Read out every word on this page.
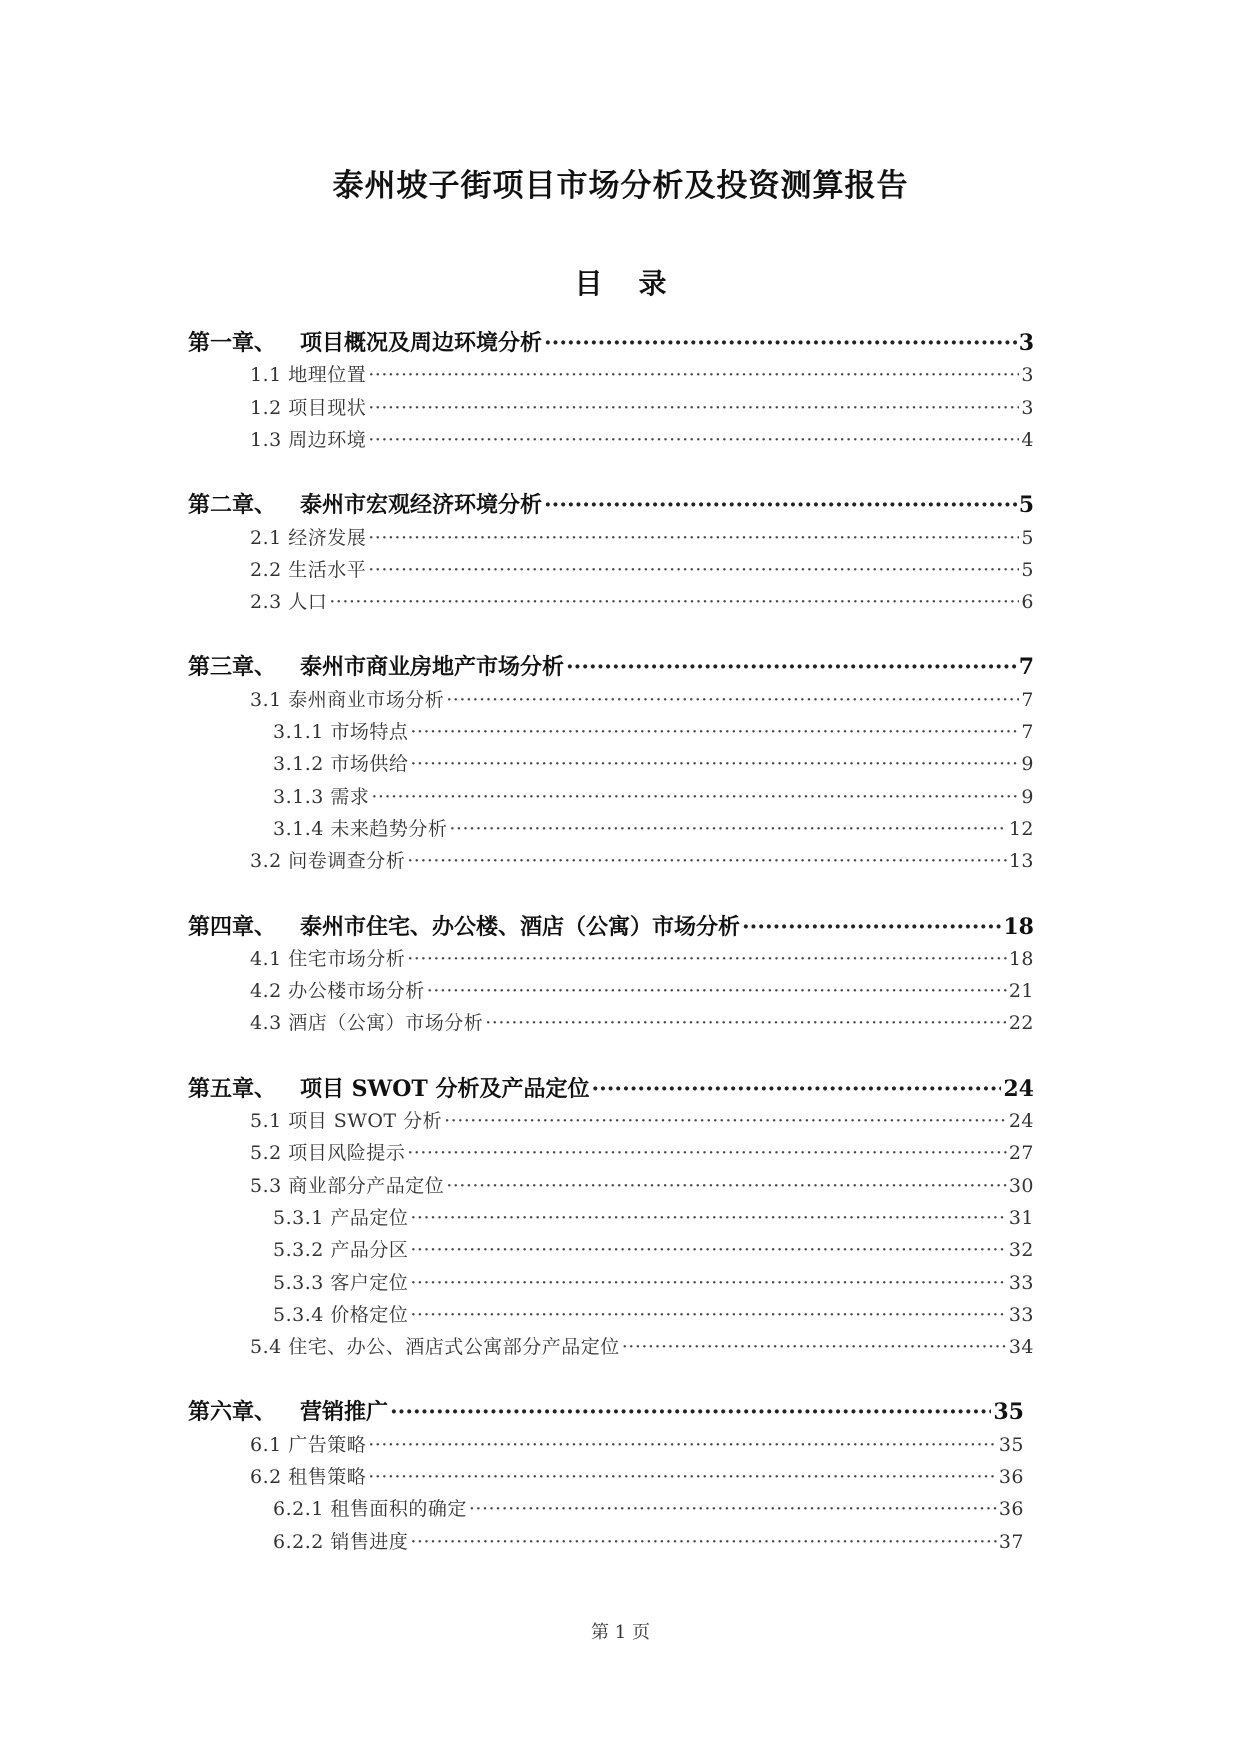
泰州坡子街项目市场分析及投资测算报告
目录
第一章、 项目概况及周边环境分析 ·····	3
1.1 地理位置 ·····	3
1.2 项目现状 ·····	3
1.3 周边环境 ·····	4
第二章、 泰州市宏观经济环境分析 ·····	5
2.1 经济发展 ·····	5
2.2 生活水平 ·····	5
2.3 人口 ·····	6
第三章、 泰州市商业房地产市场分析 ·····	7
3.1 泰州商业市场分析 ·····	7
3.1.1 市场特点 ·····	7
3.1.2 市场供给 ·····	9
3.1.3 需求 ·····	9
3.1.4 未来趋势分析 ·····	12
3.2 问卷调查分析 ·····	13
第四章、 泰州市住宅、办公楼、酒店（公寓）市场分析 ·····	18
4.1 住宅市场分析 ·····	18
4.2 办公楼市场分析 ·····	21
4.3 酒店（公寓）市场分析 ·····	22
第五章、 项目 SWOT 分析及产品定位 ·····	24
5.1 项目 SWOT 分析 ·····	24
5.2 项目风险提示 ·····	27
5.3 商业部分产品定位 ·····	30
5.3.1 产品定位 ·····	31
5.3.2 产品分区 ·····	32
5.3.3 客户定位 ·····	33
5.3.4 价格定位 ·····	33
5.4 住宅、办公、酒店式公寓部分产品定位 ·····	34
第六章、 营销推广 ·····	35
6.1 广告策略 ·····	35
6.2 租售策略 ·····	36
6.2.1 租售面积的确定 ·····	36
6.2.2 销售进度 ·····	37
第 1 页
